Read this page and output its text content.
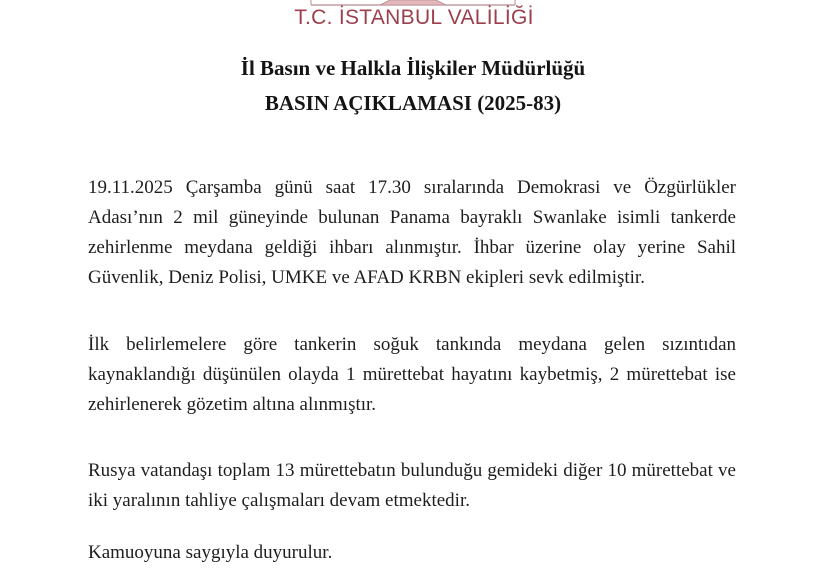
T.C. İSTANBUL VALİLİĞİ
İl Basın ve Halkla İlişkiler Müdürlüğü
BASIN AÇIKLAMASI (2025-83)
19.11.2025 Çarşamba günü saat 17.30 sıralarında Demokrasi ve Özgürlükler
Adası’nın 2 mil güneyinde bulunan Panama bayraklı Swanlake isimli tankerde
zehirlenme meydana geldiği ihbarı alınmıştır. İhbar üzerine olay yerine Sahil
Güvenlik, Deniz Polisi, UMKE ve AFAD KRBN ekipleri sevk edilmiştir.
İlk belirlemelere göre tankerin soğuk tankında meydana gelen sızıntıdan
kaynaklandığı düşünülen olayda 1 mürettebat hayatını kaybetmiş, 2 mürettebat ise
zehirlenerek gözetim altına alınmıştır.
Rusya vatandaşı toplam 13 mürettebatın bulunduğu gemideki diğer 10 mürettebat ve
iki yaralının tahliye çalışmaları devam etmektedir.
Kamuoyuna saygıyla duyurulur.
